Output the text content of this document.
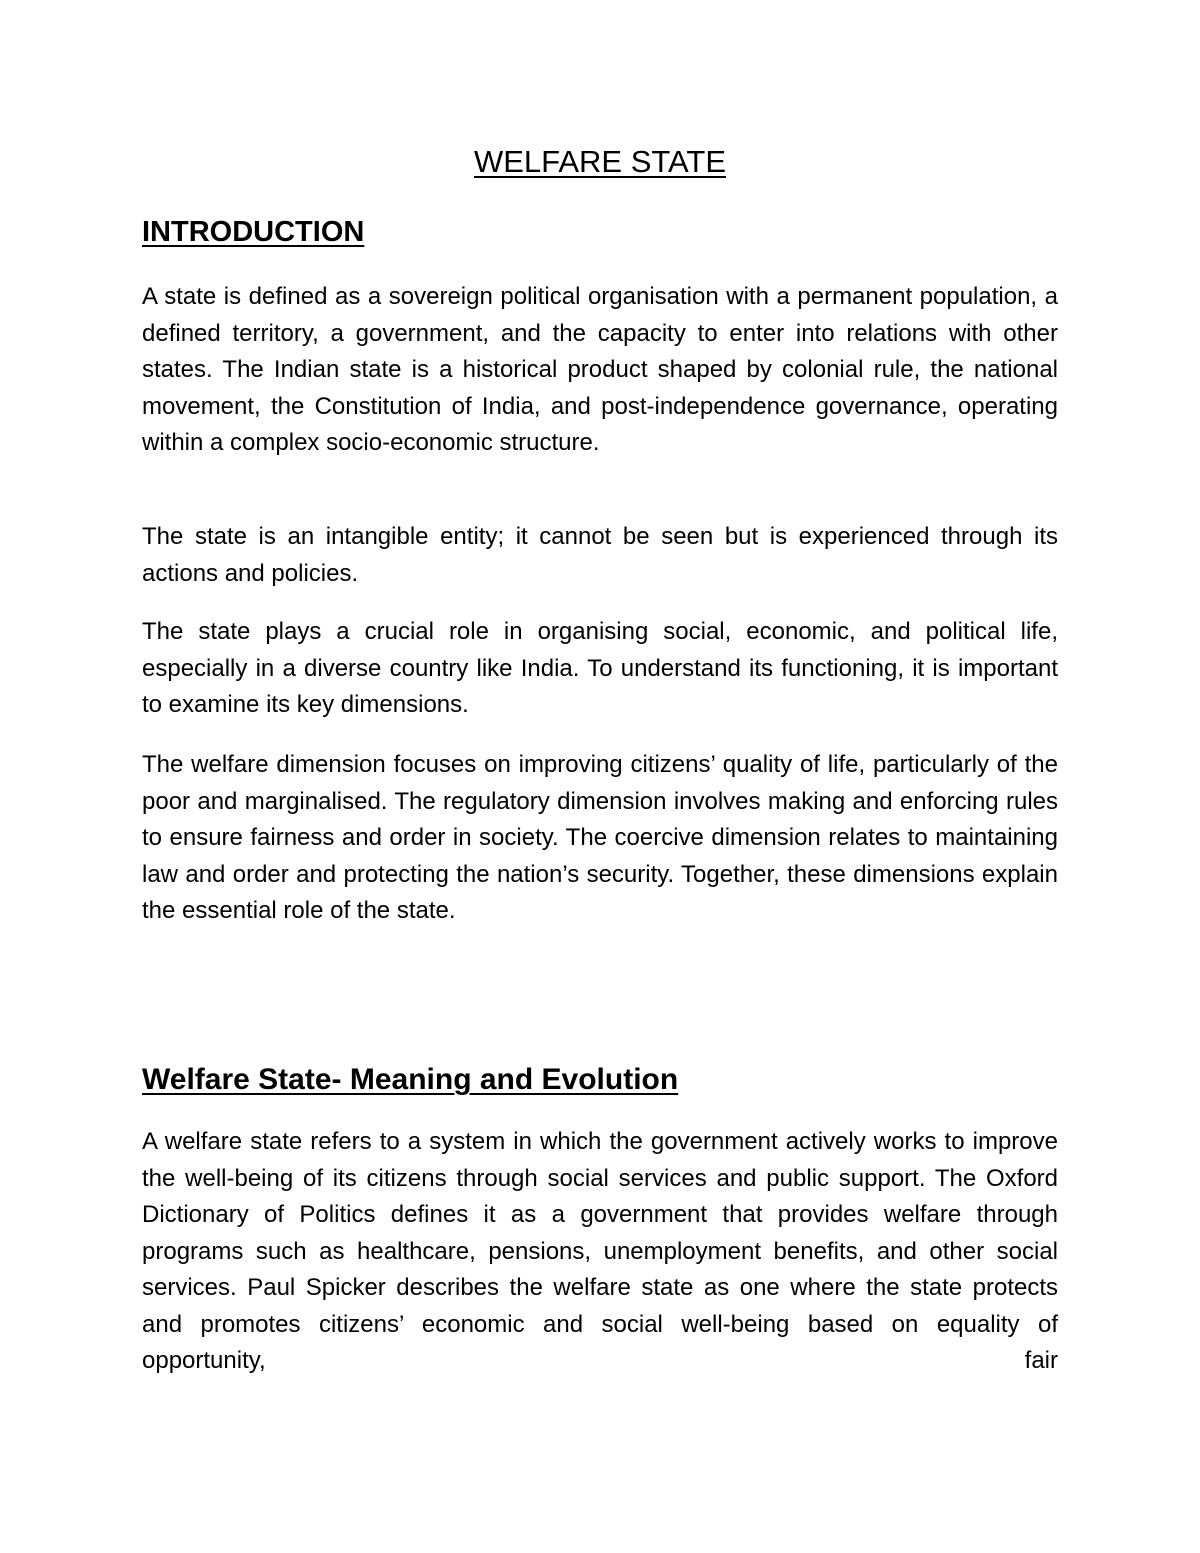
WELFARE STATE
INTRODUCTION

A state is defined as a sovereign political organisation with a permanent population, a defined territory, a government, and the capacity to enter into relations with other states. The Indian state is a historical product shaped by colonial rule, the national movement, the Constitution of India, and post-independence governance, operating within a complex socio-economic structure.

The state is an intangible entity; it cannot be seen but is experienced through its actions and policies.

The state plays a crucial role in organising social, economic, and political life, especially in a diverse country like India. To understand its functioning, it is important to examine its key dimensions.

The welfare dimension focuses on improving citizens’ quality of life, particularly of the poor and marginalised. The regulatory dimension involves making and enforcing rules to ensure fairness and order in society. The coercive dimension relates to maintaining law and order and protecting the nation’s security. Together, these dimensions explain the essential role of the state.

Welfare State- Meaning and Evolution

A welfare state refers to a system in which the government actively works to improve the well-being of its citizens through social services and public support. The Oxford Dictionary of Politics defines it as a government that provides welfare through programs such as healthcare, pensions, unemployment benefits, and other social services. Paul Spicker describes the welfare state as one where the state protects and promotes citizens’ economic and social well-being based on equality of opportunity, fair
